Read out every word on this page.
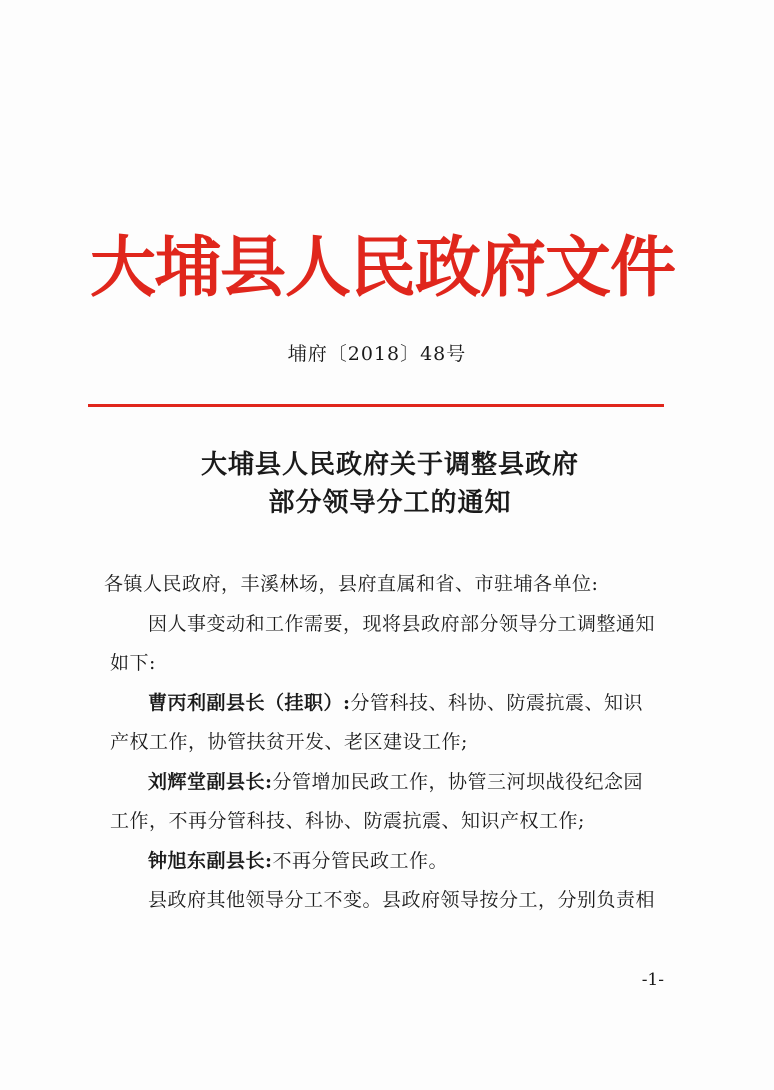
大埔县人民政府文件
埔府〔2018〕48号
大埔县人民政府关于调整县政府
部分领导分工的通知

各镇人民政府，丰溪林场，县府直属和省、市驻埔各单位:

因人事变动和工作需要，现将县政府部分领导分工调整通知

如下:

曹丙利副县长（挂职）:分管科技、科协、防震抗震、知识

产权工作，协管扶贫开发、老区建设工作;

刘辉堂副县长:分管增加民政工作，协管三河坝战役纪念园

工作，不再分管科技、科协、防震抗震、知识产权工作;

钟旭东副县长:不再分管民政工作。

县政府其他领导分工不变。县政府领导按分工，分别负责相

-1-
